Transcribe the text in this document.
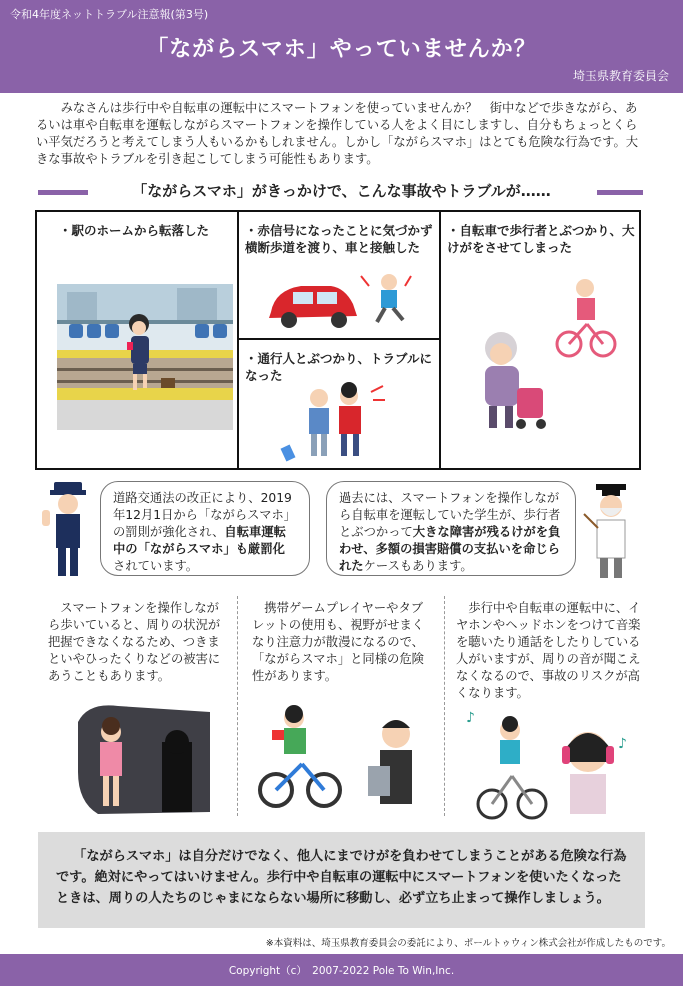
令和4年度ネットトラブル注意報(第3号)
「ながらスマホ」やっていませんか？
埼玉県教育委員会
みなさんは歩行中や自転車の運転中にスマートフォンを使っていませんか？　街中などで歩きながら、あるいは車や自転車を運転しながらスマートフォンを操作している人をよく目にしますし、自分もちょっとくらい平気だろうと考えてしまう人もいるかもしれません。しかし「ながらスマホ」はとても危険な行為です。大きな事故やトラブルを引き起こしてしまう可能性もあります。
「ながらスマホ」がきっかけで、こんな事故やトラブルが……
・駅のホームから転落した	・赤信号になったことに気づかず横断歩道を渡り、車と接触した
・通行人とぶつかり、トラブルになった
・自転車で歩行者とぶつかり、大けがをさせてしまった
道路交通法の改正により、2019年12月1日から「ながらスマホ」の罰則が強化され、自転車運転中の「ながらスマホ」も厳罰化されています。
過去には、スマートフォンを操作しながら自転車を運転していた学生が、歩行者とぶつかって大きな障害が残るけがを負わせ、多額の損害賠償の支払いを命じられたケースもあります。
スマートフォンを操作しながら歩いていると、周りの状況が把握できなくなるため、つきまといやひったくりなどの被害にあうこともあります。
携帯ゲームプレイヤーやタブレットの使用も、視野がせまくなり注意力が散漫になるので、「ながらスマホ」と同様の危険性があります。
歩行中や自転車の運転中に、イヤホンやヘッドホンをつけて音楽を聴いたり通話をしたりしている人がいますが、周りの音が聞こえなくなるので、事故のリスクが高くなります。
♪
♪
「ながらスマホ」は自分だけでなく、他人にまでけがを負わせてしまうことがある危険な行為です。絶対にやってはいけません。歩行中や自転車の運転中にスマートフォンを使いたくなったときは、周りの人たちのじゃまにならない場所に移動し、必ず立ち止まって操作しましょう。
※本資料は、埼玉県教育委員会の委託により、ポールトゥウィン株式会社が作成したものです。
Copyright（c）　2007-2022 Pole To Win,Inc.
